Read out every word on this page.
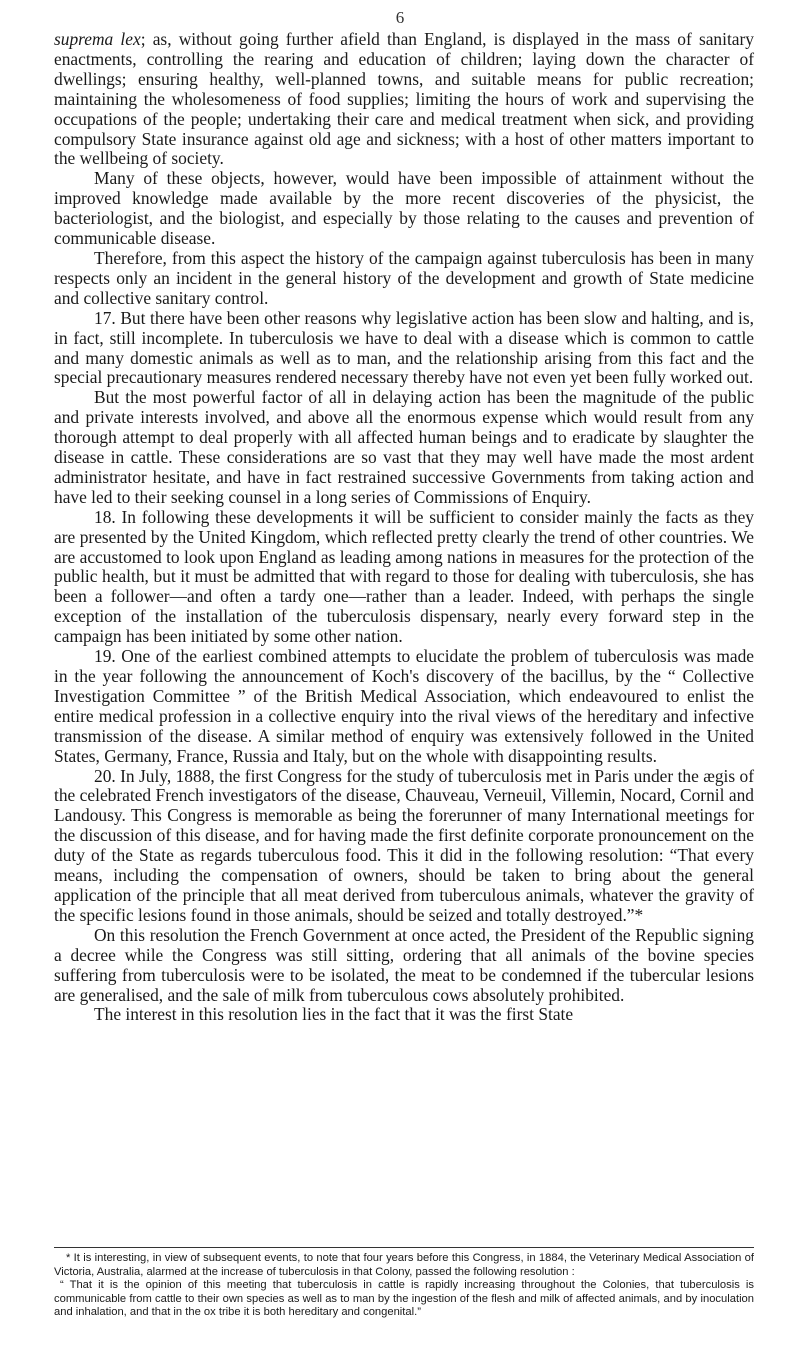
6

suprema lex; as, without going further afield than England, is displayed in the mass of sanitary enactments, controlling the rearing and education of children; laying down the character of dwellings; ensuring healthy, well-planned towns, and suitable means for public recreation; maintaining the wholesomeness of food supplies; limiting the hours of work and supervising the occupations of the people; undertaking their care and medical treatment when sick, and providing compulsory State insurance against old age and sickness; with a host of other matters important to the wellbeing of society.

Many of these objects, however, would have been impossible of attainment without the improved knowledge made available by the more recent discoveries of the physicist, the bacteriologist, and the biologist, and especially by those relating to the causes and prevention of communicable disease.

Therefore, from this aspect the history of the campaign against tuberculosis has been in many respects only an incident in the general history of the development and growth of State medicine and collective sanitary control.

17. But there have been other reasons why legislative action has been slow and halting, and is, in fact, still incomplete. In tuberculosis we have to deal with a disease which is common to cattle and many domestic animals as well as to man, and the relationship arising from this fact and the special precautionary measures rendered necessary thereby have not even yet been fully worked out.

But the most powerful factor of all in delaying action has been the magnitude of the public and private interests involved, and above all the enormous expense which would result from any thorough attempt to deal properly with all affected human beings and to eradicate by slaughter the disease in cattle. These considerations are so vast that they may well have made the most ardent administrator hesitate, and have in fact restrained successive Governments from taking action and have led to their seeking counsel in a long series of Commissions of Enquiry.

18. In following these developments it will be sufficient to consider mainly the facts as they are presented by the United Kingdom, which reflected pretty clearly the trend of other countries. We are accustomed to look upon England as leading among nations in measures for the protection of the public health, but it must be admitted that with regard to those for dealing with tuberculosis, she has been a follower—and often a tardy one—rather than a leader. Indeed, with perhaps the single exception of the installation of the tuberculosis dispensary, nearly every forward step in the campaign has been initiated by some other nation.

19. One of the earliest combined attempts to elucidate the problem of tuberculosis was made in the year following the announcement of Koch's discovery of the bacillus, by the “ Collective Investigation Committee ” of the British Medical Association, which endeavoured to enlist the entire medical profession in a collective enquiry into the rival views of the hereditary and infective transmission of the disease. A similar method of enquiry was extensively followed in the United States, Germany, France, Russia and Italy, but on the whole with disappointing results.

20. In July, 1888, the first Congress for the study of tuberculosis met in Paris under the ægis of the celebrated French investigators of the disease, Chauveau, Verneuil, Villemin, Nocard, Cornil and Landousy. This Congress is memorable as being the forerunner of many International meetings for the discussion of this disease, and for having made the first definite corporate pronouncement on the duty of the State as regards tuberculous food. This it did in the following resolution: “That every means, including the compensation of owners, should be taken to bring about the general application of the principle that all meat derived from tuberculous animals, whatever the gravity of the specific lesions found in those animals, should be seized and totally destroyed.”*

On this resolution the French Government at once acted, the President of the Republic signing a decree while the Congress was still sitting, ordering that all animals of the bovine species suffering from tuberculosis were to be isolated, the meat to be condemned if the tubercular lesions are generalised, and the sale of milk from tuberculous cows absolutely prohibited.

The interest in this resolution lies in the fact that it was the first State

* It is interesting, in view of subsequent events, to note that four years before this Congress, in 1884, the Veterinary Medical Association of Victoria, Australia, alarmed at the increase of tuberculosis in that Colony, passed the following resolution :

“ That it is the opinion of this meeting that tuberculosis in cattle is rapidly increasing throughout the Colonies, that tuberculosis is communicable from cattle to their own species as well as to man by the ingestion of the flesh and milk of affected animals, and by inoculation and inhalation, and that in the ox tribe it is both hereditary and congenital.”
